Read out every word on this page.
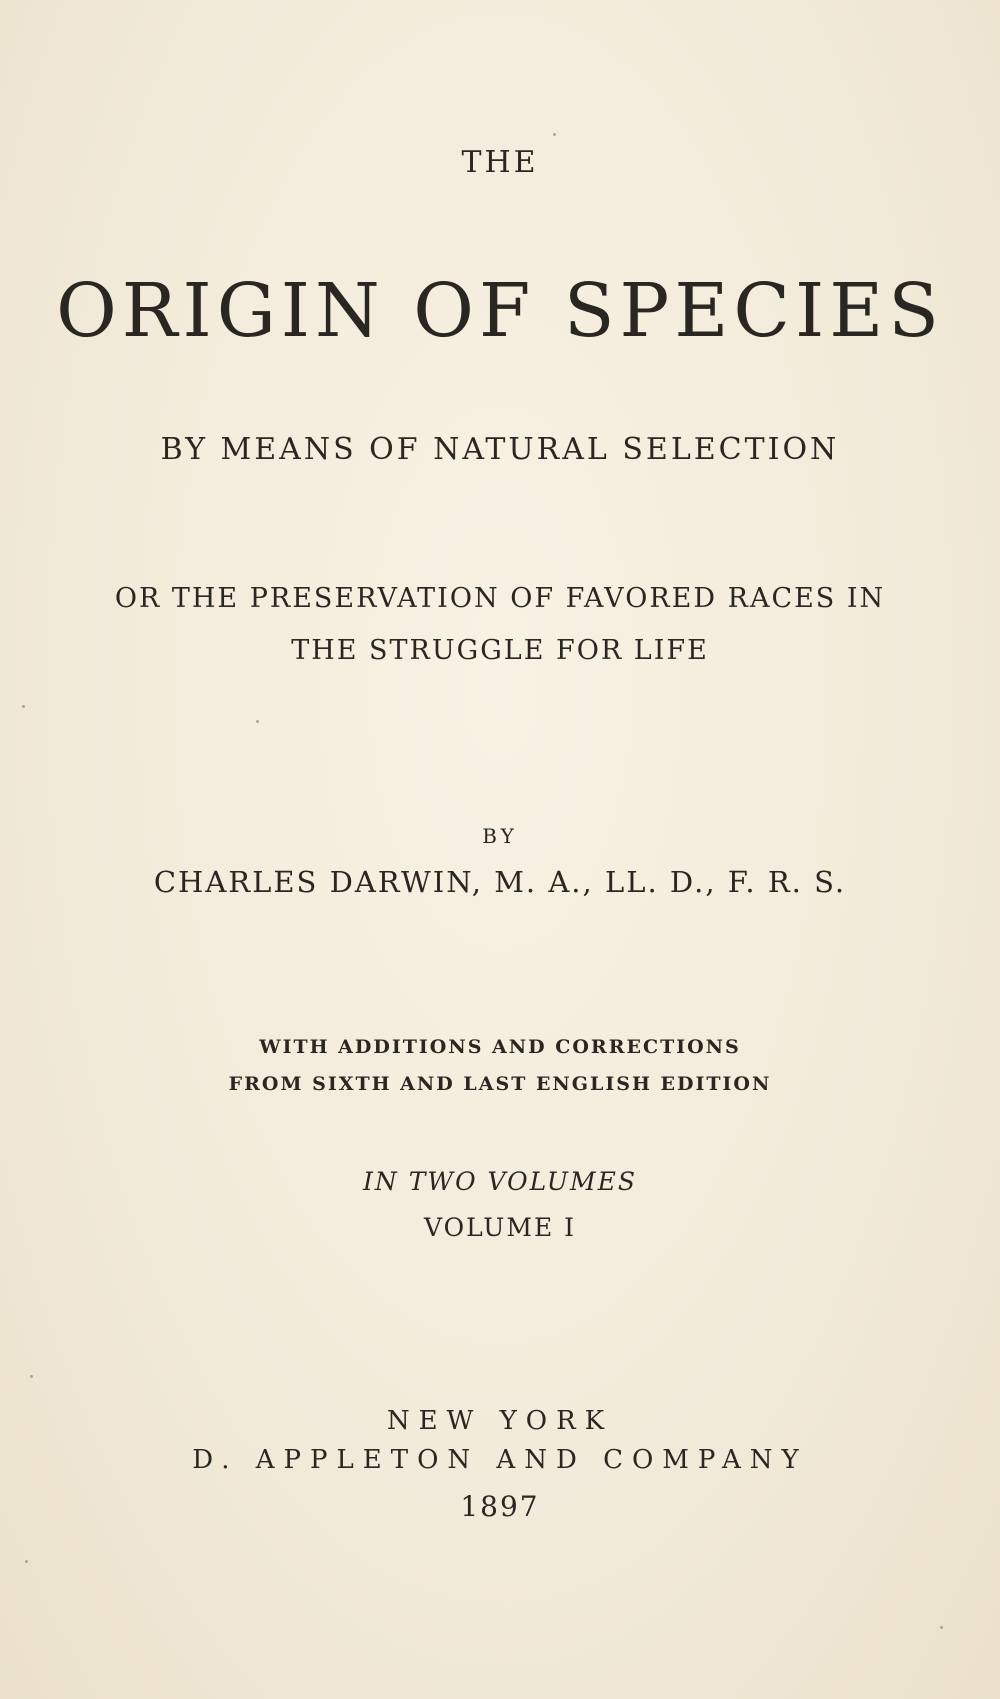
THE
ORIGIN OF SPECIES
BY MEANS OF NATURAL SELECTION
OR THE PRESERVATION OF FAVORED RACES IN
THE STRUGGLE FOR LIFE
BY
CHARLES DARWIN, M. A., LL. D., F. R. S.
WITH ADDITIONS AND CORRECTIONS
FROM SIXTH AND LAST ENGLISH EDITION
IN TWO VOLUMES
VOLUME I
NEW YORK
D. APPLETON AND COMPANY
1897
